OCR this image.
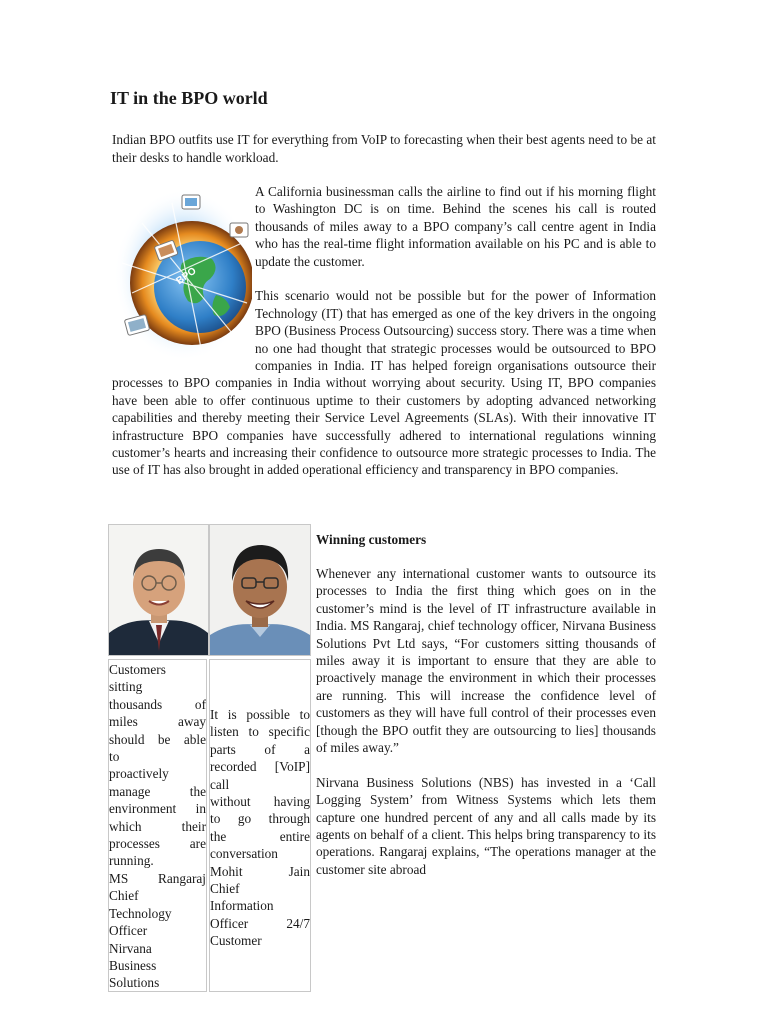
IT in the BPO world

Indian BPO outfits use IT for everything from VoIP to forecasting when their best agents need to be at their desks to handle workload.

BPO

A California businessman calls the airline to find out if his morning flight to Washington DC is on time. Behind the scenes his call is routed thousands of miles away to a BPO company’s call centre agent in India who has the real-time flight information available on his PC and is able to update the customer.

This scenario would not be possible but for the power of Information Technology (IT) that has emerged as one of the key drivers in the ongoing BPO (Business Process Outsourcing) success story. There was a time when no one had thought that strategic processes would be outsourced to BPO companies in India. IT has helped foreign organisations outsource their processes to BPO companies in India without worrying about security. Using IT, BPO companies have been able to offer continuous uptime to their customers by adopting advanced networking capabilities and thereby meeting their Service Level Agreements (SLAs). With their innovative IT infrastructure BPO companies have successfully adhered to international regulations winning customer’s hearts and increasing their confidence to outsource more strategic processes to India. The use of IT has also brought in added operational efficiency and transparency in BPO companies.

Customers
sitting
thousands of
miles away
should be able
to
proactively
manage the
environment in
which their
processes are
running.
MS Rangaraj
Chief
Technology
Officer
Nirvana
Business
Solutions
It is possible to
listen to specific
parts of a
recorded [VoIP]
call
without having
to go through
the entire
conversation
Mohit Jain
Chief
Information
Officer 24/7
Customer
Winning customers

Whenever any international customer wants to outsource its processes to India the first thing which goes on in the customer’s mind is the level of IT infrastructure available in India. MS Rangaraj, chief technology officer, Nirvana Business Solutions Pvt Ltd says, “For customers sitting thousands of miles away it is important to ensure that they are able to proactively manage the environment in which their processes are running. This will increase the confidence level of customers as they will have full control of their processes even [though the BPO outfit they are outsourcing to lies] thousands of miles away.”

Nirvana Business Solutions (NBS) has invested in a ‘Call Logging System’ from Witness Systems which lets them capture one hundred percent of any and all calls made by its agents on behalf of a client. This helps bring transparency to its operations. Rangaraj explains, “The operations manager at the customer site abroad
